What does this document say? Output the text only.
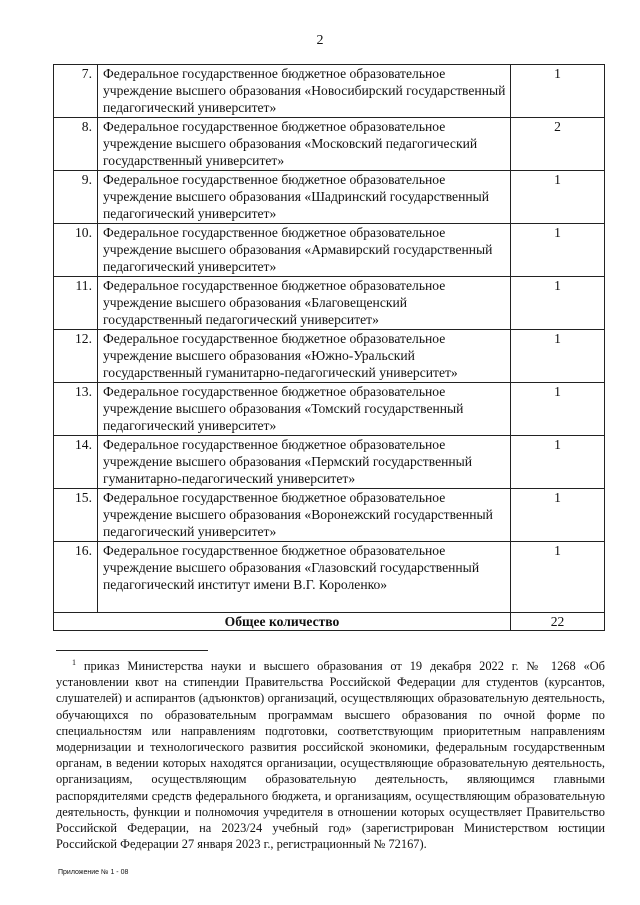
2
7.	Федеральное государственное бюджетное образовательное учреждение высшего образования «Новосибирский государственный педагогический университет»	1
8.	Федеральное государственное бюджетное образовательное учреждение высшего образования «Московский педагогический государственный университет»	2
9.	Федеральное государственное бюджетное образовательное учреждение высшего образования «Шадринский государственный педагогический университет»	1
10.	Федеральное государственное бюджетное образовательное учреждение высшего образования «Армавирский государственный педагогический университет»	1
11.	Федеральное государственное бюджетное образовательное учреждение высшего образования «Благовещенский государственный педагогический университет»	1
12.	Федеральное государственное бюджетное образовательное учреждение высшего образования «Южно-Уральский государственный гуманитарно-педагогический университет»	1
13.	Федеральное государственное бюджетное образовательное учреждение высшего образования «Томский государственный педагогический университет»	1
14.	Федеральное государственное бюджетное образовательное учреждение высшего образования «Пермский государственный гуманитарно-педагогический университет»	1
15.	Федеральное государственное бюджетное образовательное учреждение высшего образования «Воронежский государственный педагогический университет»	1
16.	Федеральное государственное бюджетное образовательное учреждение высшего образования «Глазовский государственный педагогический институт имени В.Г. Короленко»	1
Общее количество		22
$^1$ приказ Министерства науки и высшего образования от 19 декабря 2022 г. № 1268 «Об установлении квот на стипендии Правительства Российской Федерации для студентов (курсантов, слушателей) и аспирантов (адъюнктов) организаций, осуществляющих образовательную деятельность, обучающихся по образовательным программам высшего образования по очной форме по специальностям или направлениям подготовки, соответствующим приоритетным направлениям модернизации и технологического развития российской экономики, федеральным государственным органам, в ведении которых находятся организации, осуществляющие образовательную деятельность, организациям, осуществляющим образовательную деятельность, являющимся главными распорядителями средств федерального бюджета, и организациям, осуществляющим образовательную деятельность, функции и полномочия учредителя в отношении которых осуществляет Правительство Российской Федерации, на 2023/24 учебный год» (зарегистрирован Министерством юстиции Российской Федерации 27 января 2023 г., регистрационный № 72167).
Приложение № 1 - 08
